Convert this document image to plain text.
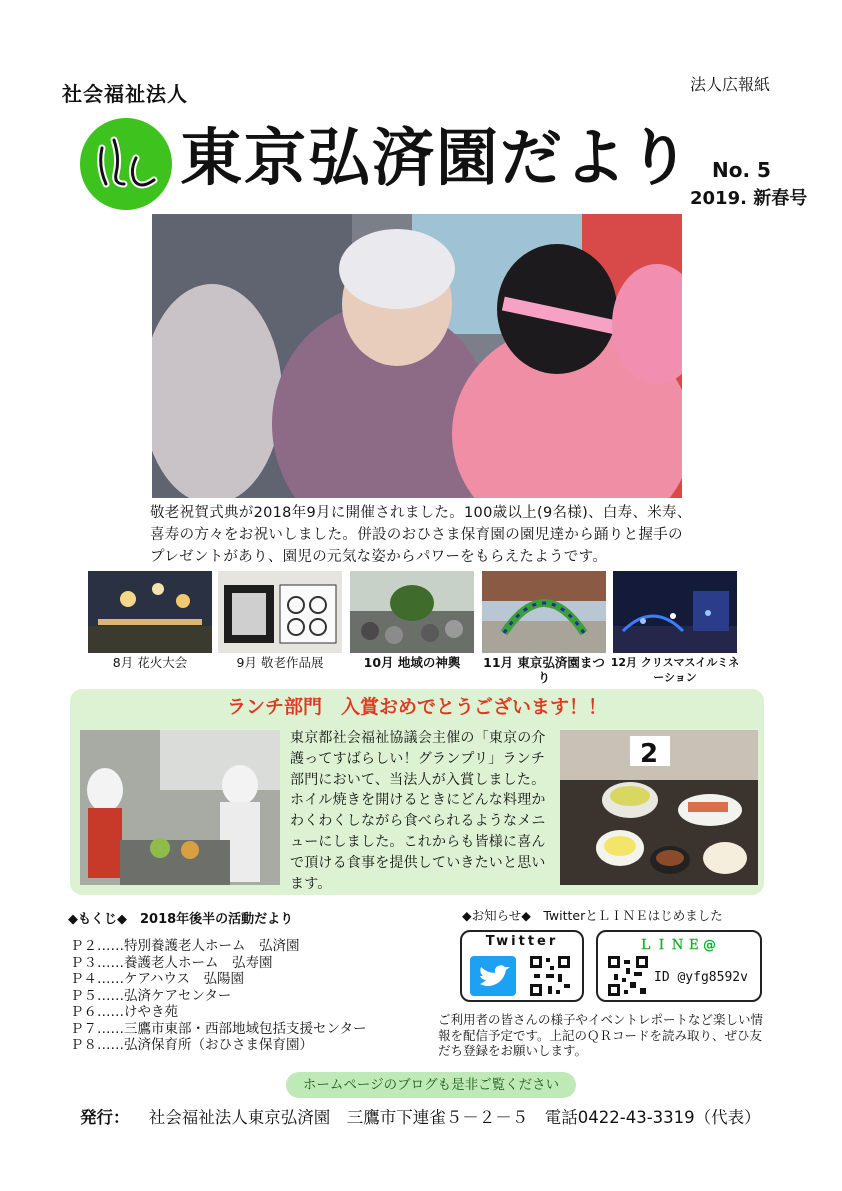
社会福祉法人	法人広報紙
東京弘済園だより No. 5
2019. 新春号
敬老祝賀式典が2018年9月に開催されました。100歳以上(9名様)、白寿、米寿、喜寿の方々をお祝いしました。併設のおひさま保育園の園児達から踊りと握手のプレゼントがあり、園児の元気な姿からパワーをもらえたようです。
8月 花火大会	9月 敬老作品展	10月 地域の神輿	11月 東京弘済園まつり
12月 クリスマスイルミネーション
ランチ部門　入賞おめでとうございます！！
東京都社会福祉協議会主催の「東京の介護ってすばらしい！グランプリ」ランチ部門において、当法人が入賞しました。ホイル焼きを開けるときにどんな料理かわくわくしながら食べられるようなメニューにしました。これからも皆様に喜んで頂ける食事を提供していきたいと思います。
2
◆もくじ◆　2018年後半の活動だより
Ｐ２……特別養護老人ホーム　弘済園
Ｐ３……養護老人ホーム　弘寿園
Ｐ４……ケアハウス　弘陽園
Ｐ５……弘済ケアセンター
Ｐ６……けやき苑
Ｐ７……三鷹市東部・西部地域包括支援センター
Ｐ８……弘済保育所（おひさま保育園）
◆お知らせ◆　TwitterとＬＩＮＥはじめました
Twitter	ＬＩＮＥ@
ID @yfg8592v
ご利用者の皆さんの様子やイベントレポートなど楽しい情報を配信予定です。上記のＱＲコードを読み取り、ぜひ友だち登録をお願いします。
ホームページのブログも是非ご覧ください
発行： 社会福祉法人東京弘済園　三鷹市下連雀５－２－５　電話0422-43-3319（代表）
